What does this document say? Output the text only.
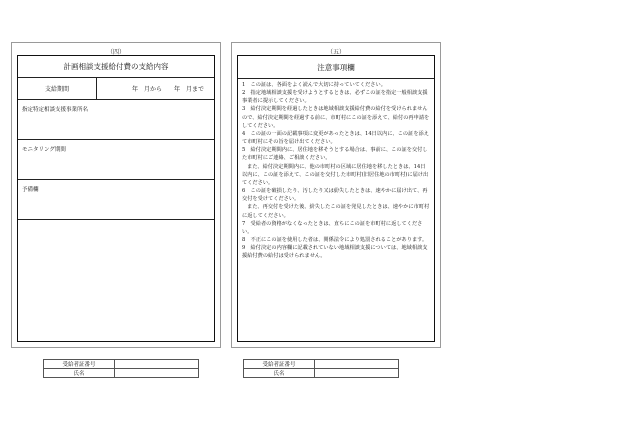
（四）
計画相談支援給付費の支給内容
支給期間	年　月から　　年　月まで
指定特定相談支援事業所名
モニタリング期間
予備欄
（五）
注意事項欄

1　この証は、各面をよく読んで大切に持っていてください。

2　指定地域相談支援を受けようとするときは、必ずこの証を指定一般相談支援事業者に提示してください。

3　給付決定期間を経過したときは地域相談支援給付費の給付を受けられませんので、給付決定期間を経過する前に、市町村にこの証を添えて、給付の再申請をしてください。

4　この証の一面の記載事項に変更があったときは、14日以内に、この証を添えて市町村にその旨を届け出てください。

5　給付決定期間内に、居住地を移そうとする場合は、事前に、この証を交付した市町村にご連絡、ご相談ください。

また、給付決定期間内に、他の市町村の区域に居住地を移したときは、14日以内に、この証を添えて、この証を交付した市町村(旧居住地の市町村)に届け出てください。

6　この証を破損したり、汚したり又は紛失したときは、速やかに届け出て、再交付を受けてください。

また、再交付を受けた後、紛失したこの証を発見したときは、速やかに市町村に返してください。

7　受給者の資格がなくなったときは、直ちにこの証を市町村に返してください。

8　不正にこの証を使用した者は、関係法令により処罰されることがあります。

9　給付決定の内容欄に記載されていない地域相談支援については、地域相談支援給付費の給付は受けられません。

受給者証番号
氏名
受給者証番号
氏名
